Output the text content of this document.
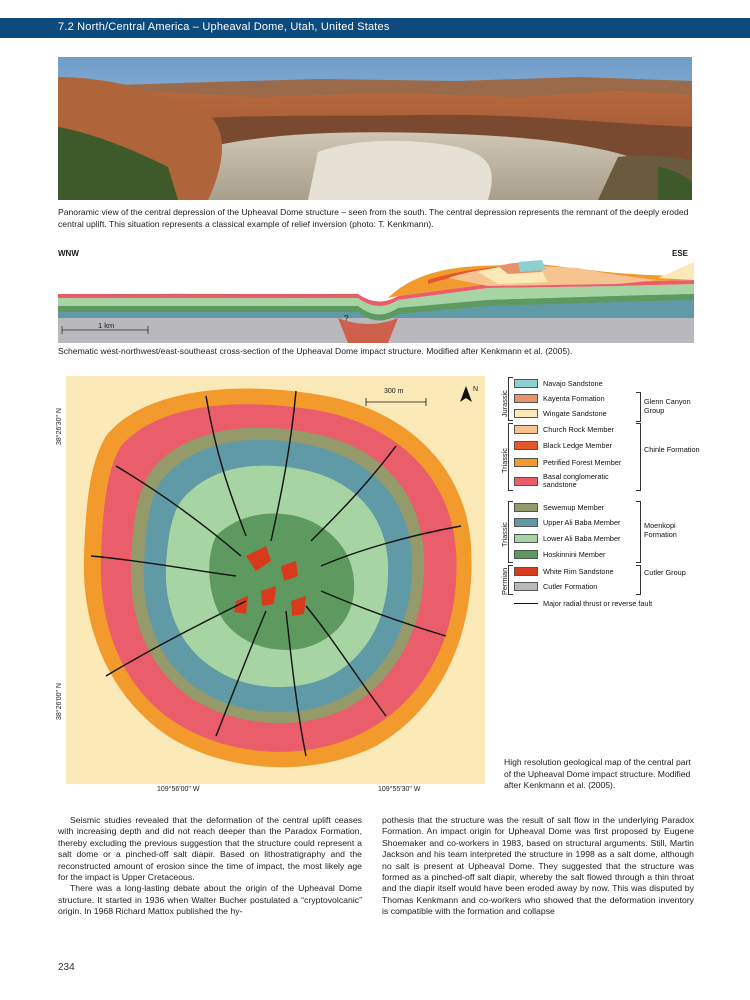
7.2 North/Central America – Upheaval Dome, Utah, United States
Panoramic view of the central depression of the Upheaval Dome structure – seen from the south. The central depression represents the remnant of the deeply eroded central uplift. This situation represents a classical example of relief inversion (photo: T. Kenkmann).
WNW	ESE
1 km
?
Schematic west-northwest/east-southeast cross-section of the Upheaval Dome impact structure. Modified after Kenkmann et al. (2005).
300 m	N
38°26'30" N
38°26'00" N
109°56'00" W	109°55'30" W
Navajo Sandstone
Kayenta Formation
Wingate Sandstone
Church Rock Member
Black Ledge Member
Petrified Forest Member
Basal conglomeratic sandstone
Sewemup Member
Upper Ali Baba Member
Lower Ali Baba Member
Hoskinnini Member
White Rim Sandstone
Cutler Formation
Major radial thrust or reverse fault
Jurassic
Triassic
Triassic
Permian
Glenn Canyon Group
Chinle Formation
Moenkopi Formation
Cutler Group
High resolution geological map of the central part of the Upheaval Dome impact structure. Modified after Kenkmann et al. (2005).

Seismic studies revealed that the deformation of the central uplift ceases with increasing depth and did not reach deeper than the Paradox Formation, thereby excluding the previous suggestion that the structure could represent a salt dome or a pinched-off salt diapir. Based on lithostratigraphy and the reconstructed amount of erosion since the time of impact, the most likely age for the impact is Upper Cretaceous.

There was a long-lasting debate about the origin of the Upheaval Dome structure. It started in 1936 when Walter Bucher postulated a “cryptovolcanic” origin. In 1968 Richard Mattox published the hy-

pothesis that the structure was the result of salt flow in the underlying Paradox Formation. An impact origin for Upheaval Dome was first proposed by Eugene Shoemaker and co-workers in 1983, based on structural arguments. Still, Martin Jackson and his team interpreted the structure in 1998 as a salt dome, although no salt is present at Upheaval Dome. They suggested that the structure was formed as a pinched-off salt diapir, whereby the salt flowed through a thin throat and the diapir itself would have been eroded away by now. This was disputed by Thomas Kenkmann and co-workers who showed that the deformation inventory is compatible with the formation and collapse

234
